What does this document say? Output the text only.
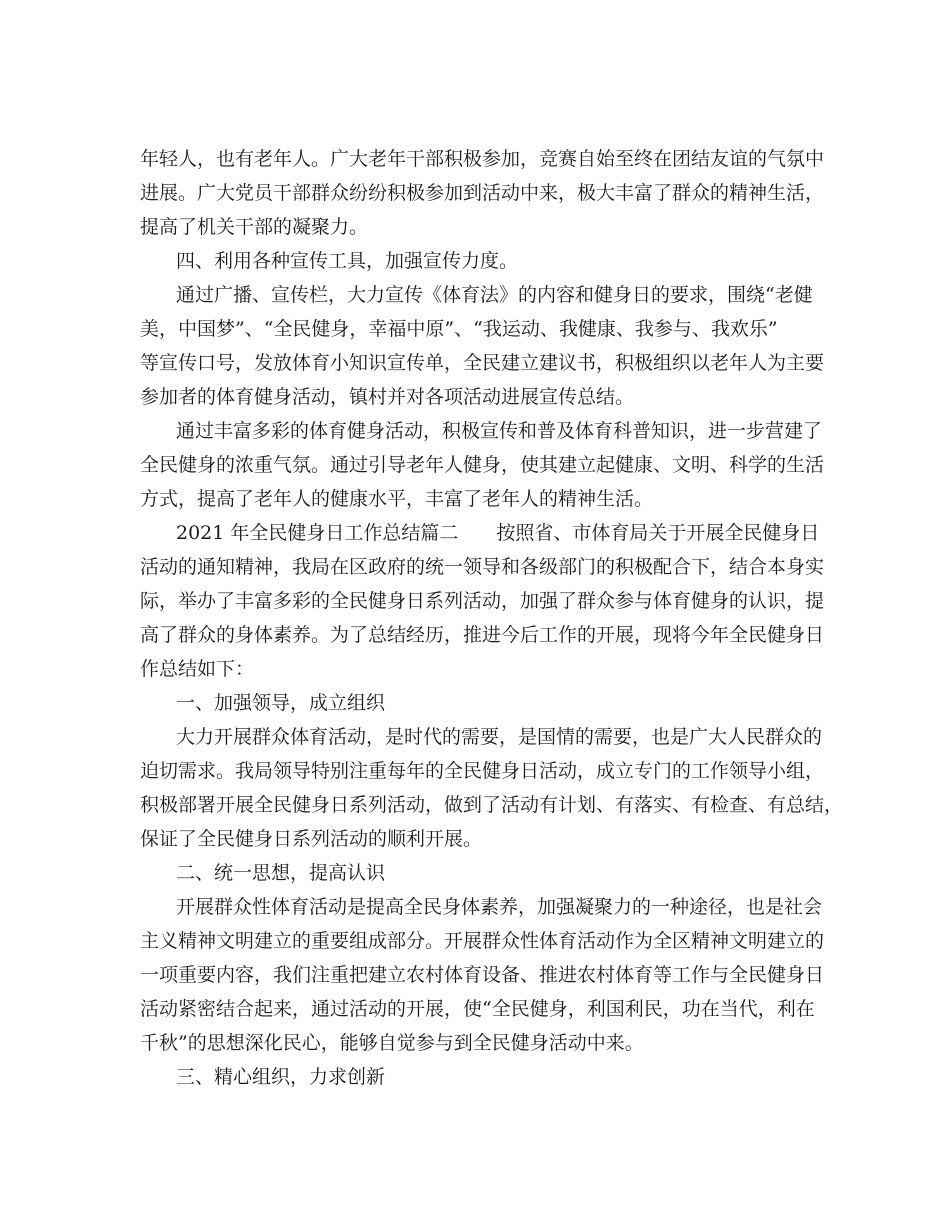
年轻人，也有老年人。广大老年干部积极参加，竞赛自始至终在团结友谊的气氛中
进展。广大党员干部群众纷纷积极参加到活动中来，极大丰富了群众的精神生活，
提高了机关干部的凝聚力。
四、利用各种宣传工具，加强宣传力度。
通过广播、宣传栏，大力宣传《体育法》的内容和健身日的要求，围绕“老健
美，中国梦”、“全民健身，幸福中原”、“我运动、我健康、我参与、我欢乐”
等宣传口号，发放体育小知识宣传单，全民建立建议书，积极组织以老年人为主要
参加者的体育健身活动，镇村并对各项活动进展宣传总结。
通过丰富多彩的体育健身活动，积极宣传和普及体育科普知识，进一步营建了
全民健身的浓重气氛。通过引导老年人健身，使其建立起健康、文明、科学的生活
方式，提高了老年人的健康水平，丰富了老年人的精神生活。
2021 年全民健身日工作总结篇二　　按照省、市体育局关于开展全民健身日
活动的通知精神，我局在区政府的统一领导和各级部门的积极配合下，结合本身实
际，举办了丰富多彩的全民健身日系列活动，加强了群众参与体育健身的认识，提
高了群众的身体素养。为了总结经历，推进今后工作的开展，现将今年全民健身日
作总结如下：
一、加强领导，成立组织
大力开展群众体育活动，是时代的需要，是国情的需要，也是广大人民群众的
迫切需求。我局领导特别注重每年的全民健身日活动，成立专门的工作领导小组，
积极部署开展全民健身日系列活动，做到了活动有计划、有落实、有检查、有总结，
保证了全民健身日系列活动的顺利开展。
二、统一思想，提高认识
开展群众性体育活动是提高全民身体素养，加强凝聚力的一种途径，也是社会
主义精神文明建立的重要组成部分。开展群众性体育活动作为全区精神文明建立的
一项重要内容，我们注重把建立农村体育设备、推进农村体育等工作与全民健身日
活动紧密结合起来，通过活动的开展，使“全民健身，利国利民，功在当代，利在
千秋”的思想深化民心，能够自觉参与到全民健身活动中来。
三、精心组织，力求创新
